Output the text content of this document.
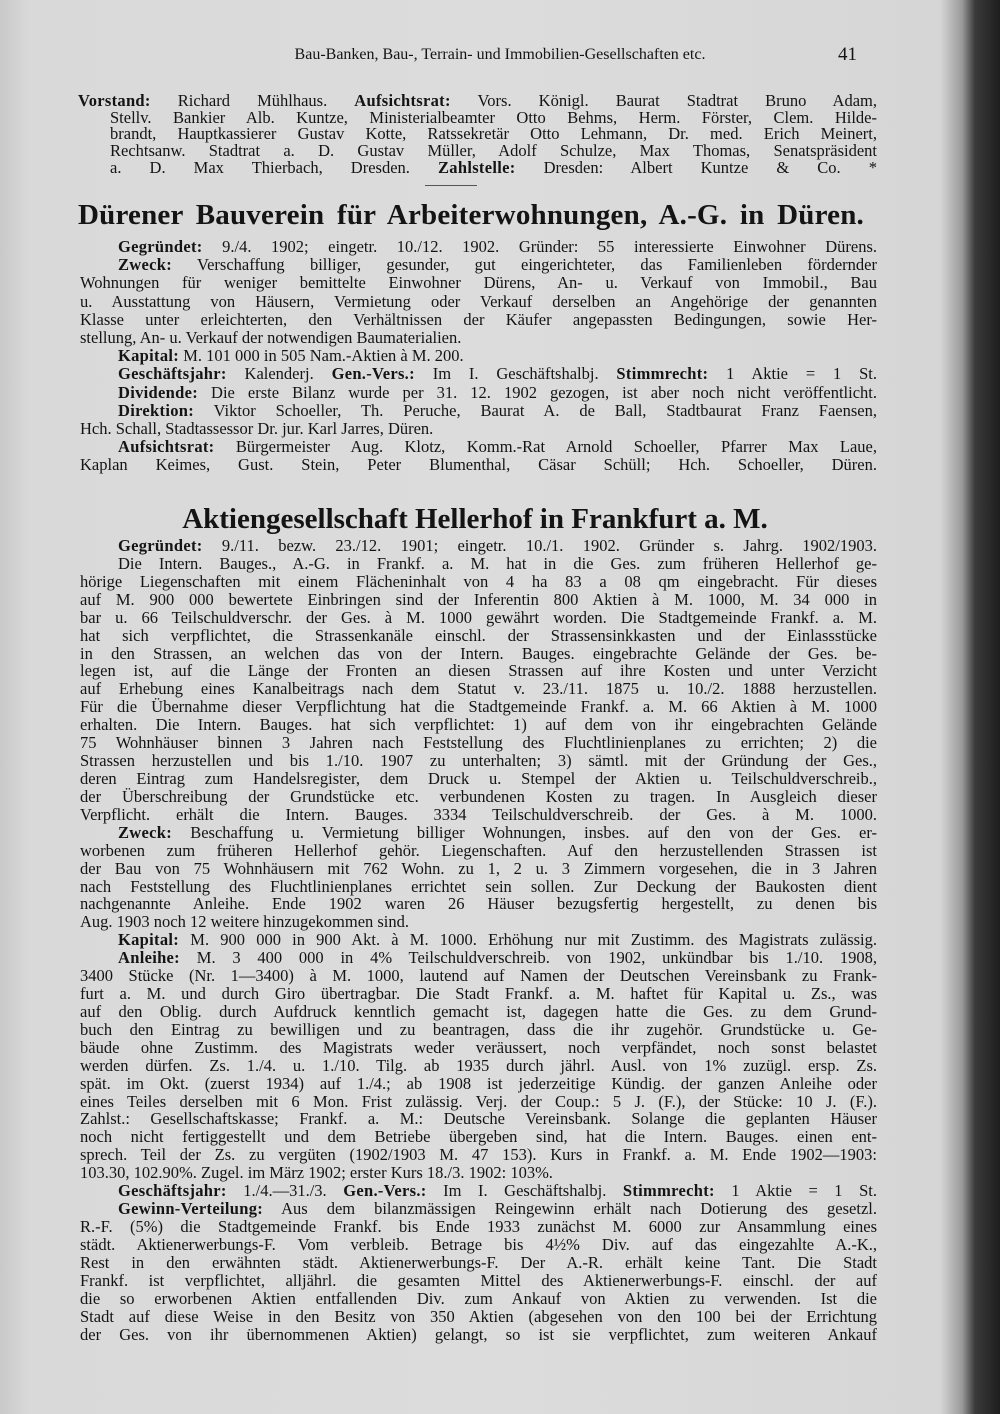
Bau-Banken, Bau-, Terrain- und Immobilien-Gesellschaften etc.	41
Dürener Bauverein für Arbeiterwohnungen, A.-G. in Düren.
Aktiengesellschaft Hellerhof in Frankfurt a. M.
Vorstand: Richard Mühlhaus. Aufsichtsrat: Vors. Königl. Baurat Stadtrat Bruno Adam,
Stellv. Bankier Alb. Kuntze, Ministerialbeamter Otto Behms, Herm. Förster, Clem. Hilde-
brandt, Hauptkassierer Gustav Kotte, Ratssekretär Otto Lehmann, Dr. med. Erich Meinert,
Rechtsanw. Stadtrat a. D. Gustav Müller, Adolf Schulze, Max Thomas, Senatspräsident
a. D. Max Thierbach, Dresden. Zahlstelle: Dresden: Albert Kuntze & Co. *
Gegründet: 9./4. 1902; eingetr. 10./12. 1902. Gründer: 55 interessierte Einwohner Dürens.
Zweck: Verschaffung billiger, gesunder, gut eingerichteter, das Familienleben fördernder
Wohnungen für weniger bemittelte Einwohner Dürens, An- u. Verkauf von Immobil., Bau
u. Ausstattung von Häusern, Vermietung oder Verkauf derselben an Angehörige der genannten
Klasse unter erleichterten, den Verhältnissen der Käufer angepassten Bedingungen, sowie Her-
stellung, An- u. Verkauf der notwendigen Baumaterialien.
Kapital: M. 101 000 in 505 Nam.-Aktien à M. 200.
Geschäftsjahr: Kalenderj. Gen.-Vers.: Im I. Geschäftshalbj. Stimmrecht: 1 Aktie = 1 St.
Dividende: Die erste Bilanz wurde per 31. 12. 1902 gezogen, ist aber noch nicht veröffentlicht.
Direktion: Viktor Schoeller, Th. Peruche, Baurat A. de Ball, Stadtbaurat Franz Faensen,
Hch. Schall, Stadtassessor Dr. jur. Karl Jarres, Düren.
Aufsichtsrat: Bürgermeister Aug. Klotz, Komm.-Rat Arnold Schoeller, Pfarrer Max Laue,
Kaplan Keimes, Gust. Stein, Peter Blumenthal, Cäsar Schüll; Hch. Schoeller, Düren.
Gegründet: 9./11. bezw. 23./12. 1901; eingetr. 10./1. 1902. Gründer s. Jahrg. 1902/1903.
Die Intern. Bauges., A.-G. in Frankf. a. M. hat in die Ges. zum früheren Hellerhof ge-
hörige Liegenschaften mit einem Flächeninhalt von 4 ha 83 a 08 qm eingebracht. Für dieses
auf M. 900 000 bewertete Einbringen sind der Inferentin 800 Aktien à M. 1000, M. 34 000 in
bar u. 66 Teilschuldverschr. der Ges. à M. 1000 gewährt worden. Die Stadtgemeinde Frankf. a. M.
hat sich verpflichtet, die Strassenkanäle einschl. der Strassensinkkasten und der Einlassstücke
in den Strassen, an welchen das von der Intern. Bauges. eingebrachte Gelände der Ges. be-
legen ist, auf die Länge der Fronten an diesen Strassen auf ihre Kosten und unter Verzicht
auf Erhebung eines Kanalbeitrags nach dem Statut v. 23./11. 1875 u. 10./2. 1888 herzustellen.
Für die Übernahme dieser Verpflichtung hat die Stadtgemeinde Frankf. a. M. 66 Aktien à M. 1000
erhalten. Die Intern. Bauges. hat sich verpflichtet: 1) auf dem von ihr eingebrachten Gelände
75 Wohnhäuser binnen 3 Jahren nach Feststellung des Fluchtlinienplanes zu errichten; 2) die
Strassen herzustellen und bis 1./10. 1907 zu unterhalten; 3) sämtl. mit der Gründung der Ges.,
deren Eintrag zum Handelsregister, dem Druck u. Stempel der Aktien u. Teilschuldverschreib.,
der Überschreibung der Grundstücke etc. verbundenen Kosten zu tragen. In Ausgleich dieser
Verpflicht. erhält die Intern. Bauges. 3334 Teilschuldverschreib. der Ges. à M. 1000.
Zweck: Beschaffung u. Vermietung billiger Wohnungen, insbes. auf den von der Ges. er-
worbenen zum früheren Hellerhof gehör. Liegenschaften. Auf den herzustellenden Strassen ist
der Bau von 75 Wohnhäusern mit 762 Wohn. zu 1, 2 u. 3 Zimmern vorgesehen, die in 3 Jahren
nach Feststellung des Fluchtlinienplanes errichtet sein sollen. Zur Deckung der Baukosten dient
nachgenannte Anleihe. Ende 1902 waren 26 Häuser bezugsfertig hergestellt, zu denen bis
Aug. 1903 noch 12 weitere hinzugekommen sind.
Kapital: M. 900 000 in 900 Akt. à M. 1000. Erhöhung nur mit Zustimm. des Magistrats zulässig.
Anleihe: M. 3 400 000 in 4% Teilschuldverschreib. von 1902, unkündbar bis 1./10. 1908,
3400 Stücke (Nr. 1—3400) à M. 1000, lautend auf Namen der Deutschen Vereinsbank zu Frank-
furt a. M. und durch Giro übertragbar. Die Stadt Frankf. a. M. haftet für Kapital u. Zs., was
auf den Oblig. durch Aufdruck kenntlich gemacht ist, dagegen hatte die Ges. zu dem Grund-
buch den Eintrag zu bewilligen und zu beantragen, dass die ihr zugehör. Grundstücke u. Ge-
bäude ohne Zustimm. des Magistrats weder veräussert, noch verpfändet, noch sonst belastet
werden dürfen. Zs. 1./4. u. 1./10. Tilg. ab 1935 durch jährl. Ausl. von 1% zuzügl. ersp. Zs.
spät. im Okt. (zuerst 1934) auf 1./4.; ab 1908 ist jederzeitige Kündig. der ganzen Anleihe oder
eines Teiles derselben mit 6 Mon. Frist zulässig. Verj. der Coup.: 5 J. (F.), der Stücke: 10 J. (F.).
Zahlst.: Gesellschaftskasse; Frankf. a. M.: Deutsche Vereinsbank. Solange die geplanten Häuser
noch nicht fertiggestellt und dem Betriebe übergeben sind, hat die Intern. Bauges. einen ent-
sprech. Teil der Zs. zu vergüten (1902/1903 M. 47 153). Kurs in Frankf. a. M. Ende 1902—1903:
103.30, 102.90%. Zugel. im März 1902; erster Kurs 18./3. 1902: 103%.
Geschäftsjahr: 1./4.—31./3. Gen.-Vers.: Im I. Geschäftshalbj. Stimmrecht: 1 Aktie = 1 St.
Gewinn-Verteilung: Aus dem bilanzmässigen Reingewinn erhält nach Dotierung des gesetzl.
R.-F. (5%) die Stadtgemeinde Frankf. bis Ende 1933 zunächst M. 6000 zur Ansammlung eines
städt. Aktienerwerbungs-F. Vom verbleib. Betrage bis 4½% Div. auf das eingezahlte A.-K.,
Rest in den erwähnten städt. Aktienerwerbungs-F. Der A.-R. erhält keine Tant. Die Stadt
Frankf. ist verpflichtet, alljährl. die gesamten Mittel des Aktienerwerbungs-F. einschl. der auf
die so erworbenen Aktien entfallenden Div. zum Ankauf von Aktien zu verwenden. Ist die
Stadt auf diese Weise in den Besitz von 350 Aktien (abgesehen von den 100 bei der Errichtung
der Ges. von ihr übernommenen Aktien) gelangt, so ist sie verpflichtet, zum weiteren Ankauf
